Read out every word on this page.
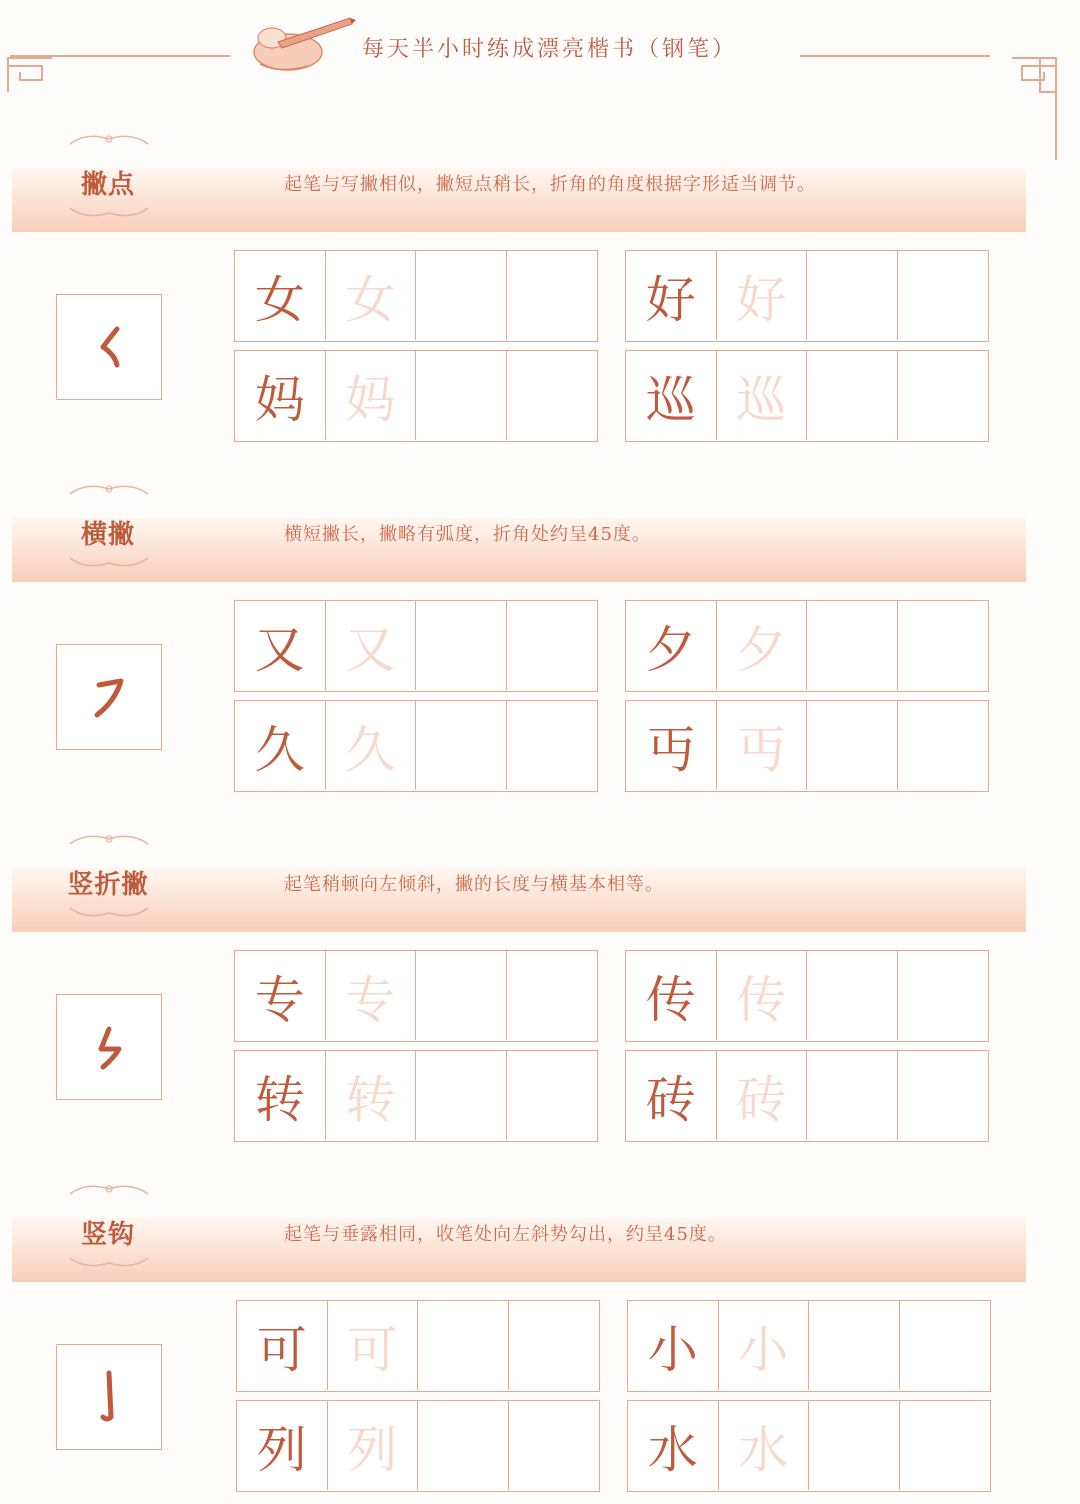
每天半小时练成漂亮楷书（钢笔）
撇点	起笔与写撇相似，撇短点稍长，折角的角度根据字形适当调节。
女 女	好 好
妈 妈	巡 巡
横撇	横短撇长，撇略有弧度，折角处约呈45度。
又 又	夕 夕
久 久	丏 丏
竖折撇	起笔稍顿向左倾斜，撇的长度与横基本相等。
专 专	传 传
转 转	砖 砖
竖钩	起笔与垂露相同，收笔处向左斜势勾出，约呈45度。
可 可	小 小
列 列	水 水
